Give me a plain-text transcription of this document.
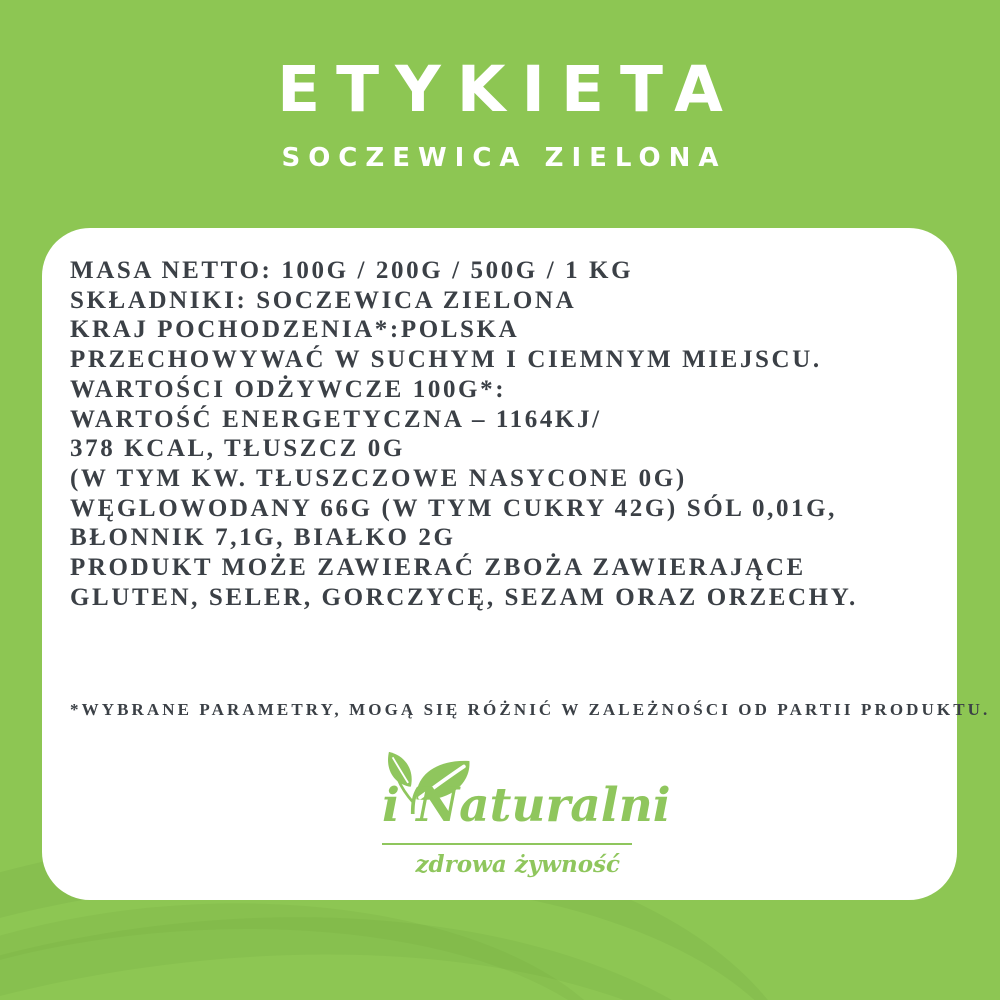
ETYKIETA
SOCZEWICA ZIELONA
MASA NETTO: 100G / 200G / 500G / 1 KG
SKŁADNIKI: SOCZEWICA ZIELONA
KRAJ POCHODZENIA*:POLSKA
PRZECHOWYWAĆ W SUCHYM I CIEMNYM MIEJSCU.
WARTOŚCI ODŻYWCZE 100G*:
WARTOŚĆ ENERGETYCZNA – 1164KJ/
378 KCAL, TŁUSZCZ 0G
(W TYM KW. TŁUSZCZOWE NASYCONE 0G)
WĘGLOWODANY 66G (W TYM CUKRY 42G) SÓL 0,01G,
BŁONNIK 7,1G, BIAŁKO 2G
PRODUKT MOŻE ZAWIERAĆ ZBOŻA ZAWIERAJĄCE
GLUTEN, SELER, GORCZYCĘ, SEZAM ORAZ ORZECHY.

*WYBRANE PARAMETRY, MOGĄ SIĘ RÓŻNIĆ W ZALEŻNOŚCI OD PARTII PRODUKTU.

i Naturalni
zdrowa żywność
